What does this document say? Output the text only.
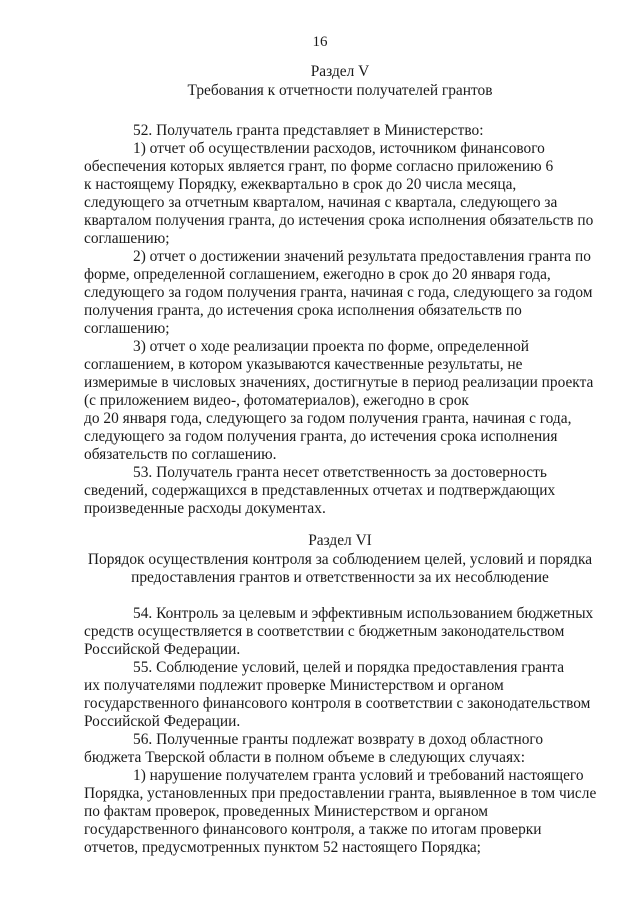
16
Раздел V
Требования к отчетности получателей грантов
52. Получатель гранта представляет в Министерство:
1) отчет об осуществлении расходов, источником финансового
обеспечения которых является грант, по форме согласно приложению 6
к настоящему Порядку, ежеквартально в срок до 20 числа месяца,
следующего за отчетным кварталом, начиная с квартала, следующего за
кварталом получения гранта, до истечения срока исполнения обязательств по
соглашению;
2) отчет о достижении значений результата предоставления гранта по
форме, определенной соглашением, ежегодно в срок до 20 января года,
следующего за годом получения гранта, начиная с года, следующего за годом
получения гранта, до истечения срока исполнения обязательств по
соглашению;
3) отчет о ходе реализации проекта по форме, определенной
соглашением, в котором указываются качественные результаты, не
измеримые в числовых значениях, достигнутые в период реализации проекта
(с приложением видео-, фотоматериалов), ежегодно в срок
до 20 января года, следующего за годом получения гранта, начиная с года,
следующего за годом получения гранта, до истечения срока исполнения
обязательств по соглашению.
53. Получатель гранта несет ответственность за достоверность
сведений, содержащихся в представленных отчетах и подтверждающих
произведенные расходы документах.
Раздел VI
Порядок осуществления контроля за соблюдением целей, условий и порядка
предоставления грантов и ответственности за их несоблюдение
54. Контроль за целевым и эффективным использованием бюджетных
средств осуществляется в соответствии с бюджетным законодательством
Российской Федерации.
55. Соблюдение условий, целей и порядка предоставления гранта
их получателями подлежит проверке Министерством и органом
государственного финансового контроля в соответствии с законодательством
Российской Федерации.
56. Полученные гранты подлежат возврату в доход областного
бюджета Тверской области в полном объеме в следующих случаях:
1) нарушение получателем гранта условий и требований настоящего
Порядка, установленных при предоставлении гранта, выявленное в том числе
по фактам проверок, проведенных Министерством и органом
государственного финансового контроля, а также по итогам проверки
отчетов, предусмотренных пунктом 52 настоящего Порядка;
